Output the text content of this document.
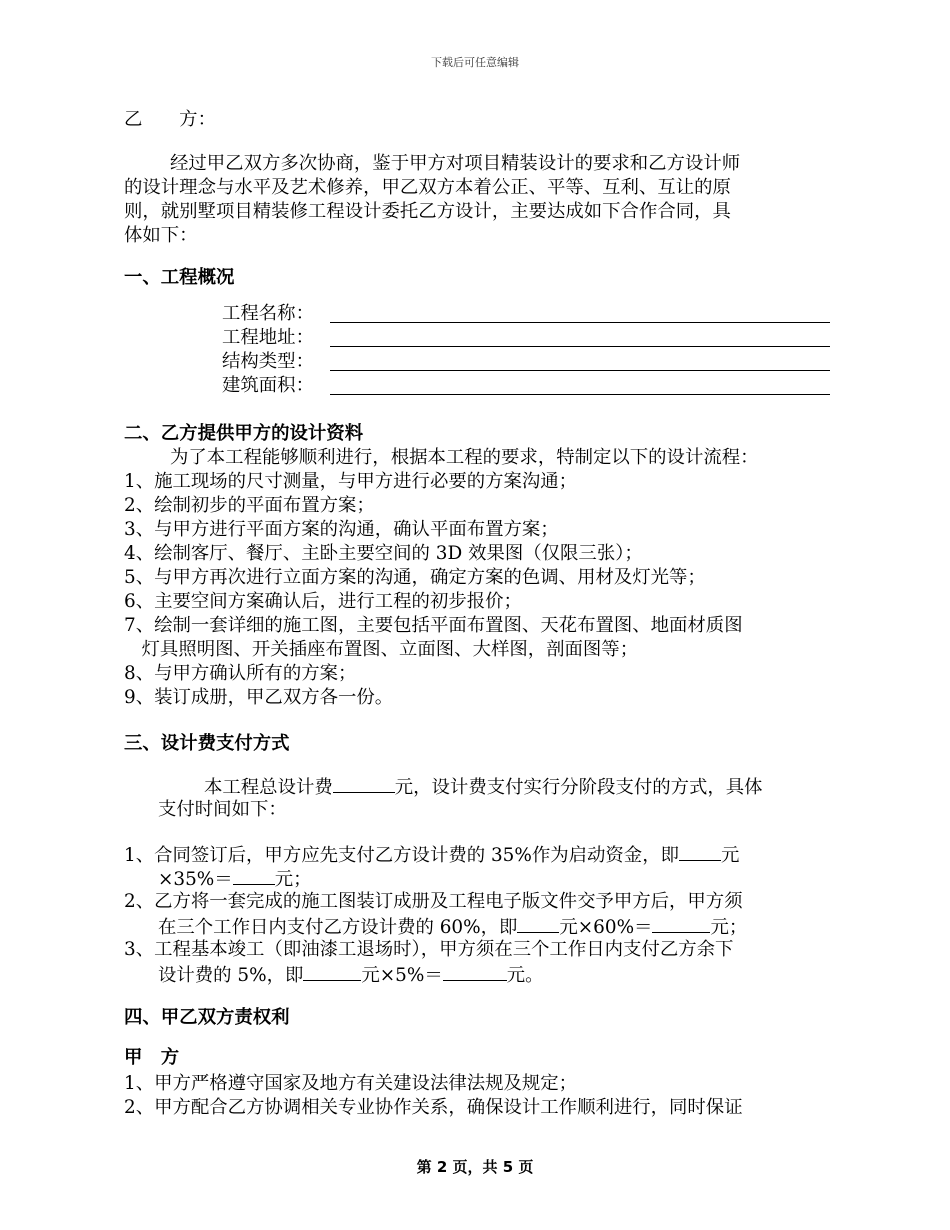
下载后可任意编辑
乙　　方：
经过甲乙双方多次协商，鉴于甲方对项目精装设计的要求和乙方设计师
的设计理念与水平及艺术修养，甲乙双方本着公正、平等、互利、互让的原
则，就别墅项目精装修工程设计委托乙方设计，主要达成如下合作合同，具
体如下：
一、工程概况
工程名称：
工程地址：
结构类型：
建筑面积：
二、乙方提供甲方的设计资料
为了本工程能够顺利进行，根据本工程的要求，特制定以下的设计流程：
1、施工现场的尺寸测量，与甲方进行必要的方案沟通；
2、绘制初步的平面布置方案；
3、与甲方进行平面方案的沟通，确认平面布置方案；
4、绘制客厅、餐厅、主卧主要空间的 3D 效果图（仅限三张）；
5、与甲方再次进行立面方案的沟通，确定方案的色调、用材及灯光等；
6、主要空间方案确认后，进行工程的初步报价；
7、绘制一套详细的施工图，主要包括平面布置图、天花布置图、地面材质图
灯具照明图、开关插座布置图、立面图、大样图，剖面图等；
8、与甲方确认所有的方案；
9、装订成册，甲乙双方各一份。
三、设计费支付方式
本工程总设计费	元，设计费支付实行分阶段支付的方式，具体
支付时间如下：
1、合同签订后，甲方应先支付乙方设计费的 35%作为启动资金，即 元
×35%＝ 元；
2、乙方将一套完成的施工图装订成册及工程电子版文件交予甲方后，甲方须
在三个工作日内支付乙方设计费的 60%，即 元×60%＝	元；
3、工程基本竣工（即油漆工退场时），甲方须在三个工作日内支付乙方余下
设计费的 5%，即	元×5%＝	元。
四、甲乙双方责权利
甲　方
1、甲方严格遵守国家及地方有关建设法律法规及规定；
2、甲方配合乙方协调相关专业协作关系，确保设计工作顺利进行，同时保证
第 2 页，共 5 页
